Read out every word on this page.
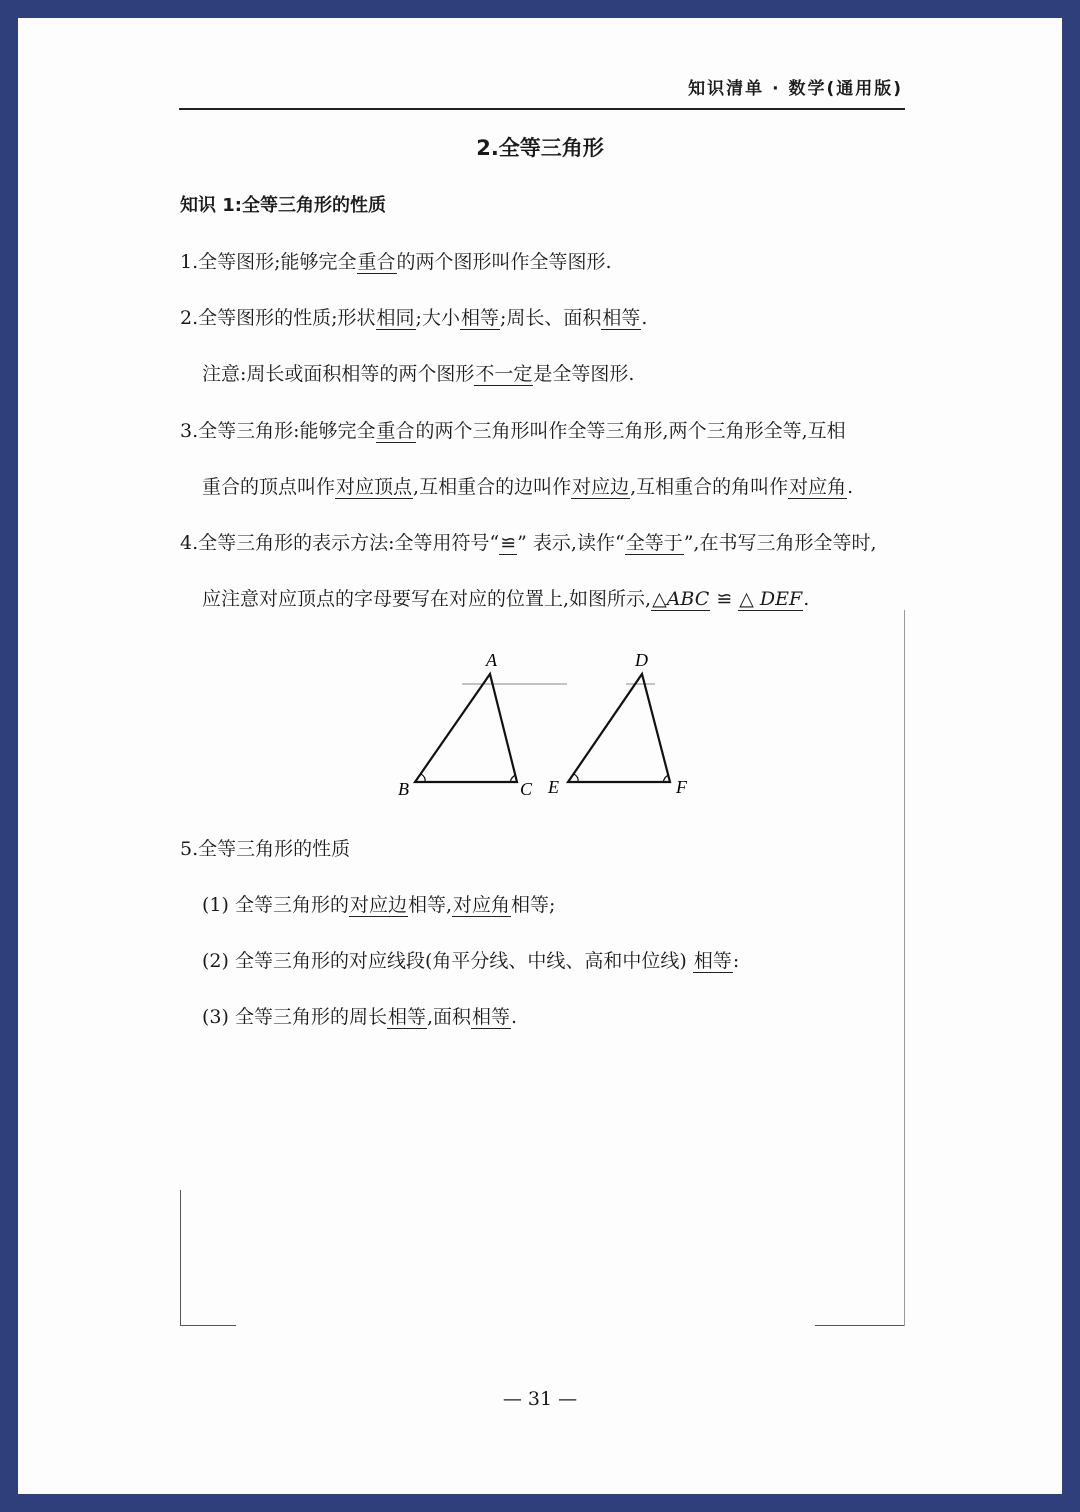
知识清单 · 数学(通用版)
2.全等三角形
知识 1:全等三角形的性质
1.全等图形;能够完全重合的两个图形叫作全等图形.
2.全等图形的性质;形状相同;大小相等;周长、面积相等.
注意:周长或面积相等的两个图形不一定是全等图形.
3.全等三角形:能够完全重合的两个三角形叫作全等三角形,两个三角形全等,互相
重合的顶点叫作对应顶点,互相重合的边叫作对应边,互相重合的角叫作对应角.
4.全等三角形的表示方法:全等用符号“≌” 表示,读作“全等于”,在书写三角形全等时,
应注意对应顶点的字母要写在对应的位置上,如图所示,△ABC ≌ △ DEF.
A
B	C
D
E	F
5.全等三角形的性质
(1) 全等三角形的对应边相等,对应角相等;
(2) 全等三角形的对应线段(角平分线、中线、高和中位线) 相等:
(3) 全等三角形的周长相等,面积相等.
— 31 —
